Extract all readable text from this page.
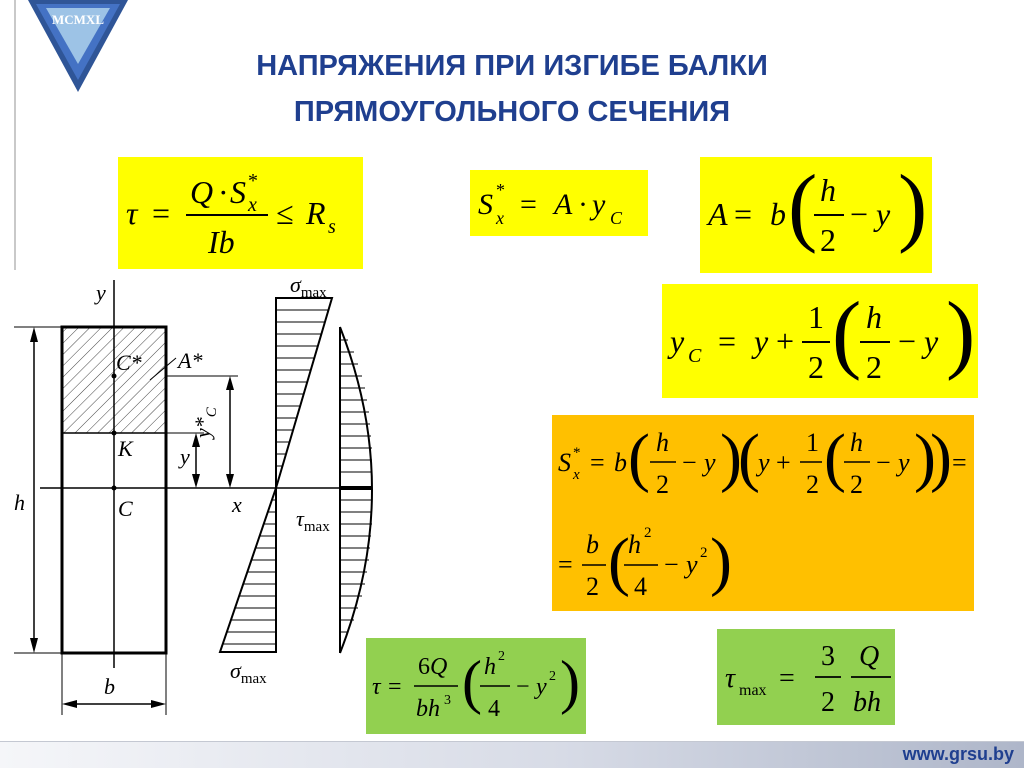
MCMXL
НАПРЯЖЕНИЯ ПРИ ИЗГИБЕ БАЛКИ
ПРЯМОУГОЛЬНОГО СЕЧЕНИЯ
τ =
Q · S *
x
Ib
≤ R s
S *
x = A · y C	A = b ( h
2
− y )
y C = y +
1
2 ( h
2
− y )
S *
x = b ( h
2
− y )
(
y +
1
2 ( h
2
− y )
) =
=
b
2 (
h 2
4
− y 2 )
τ =
6 Q
bh 3 ( h 2
4
− y 2 )	τ max =
3
2
Q
bh
y
x
C* A*
K
C
h
b
y
$y*_C$
$\sigma_{max}$
$\tau_{max}$
$\sigma_{max}$
www.grsu.by
